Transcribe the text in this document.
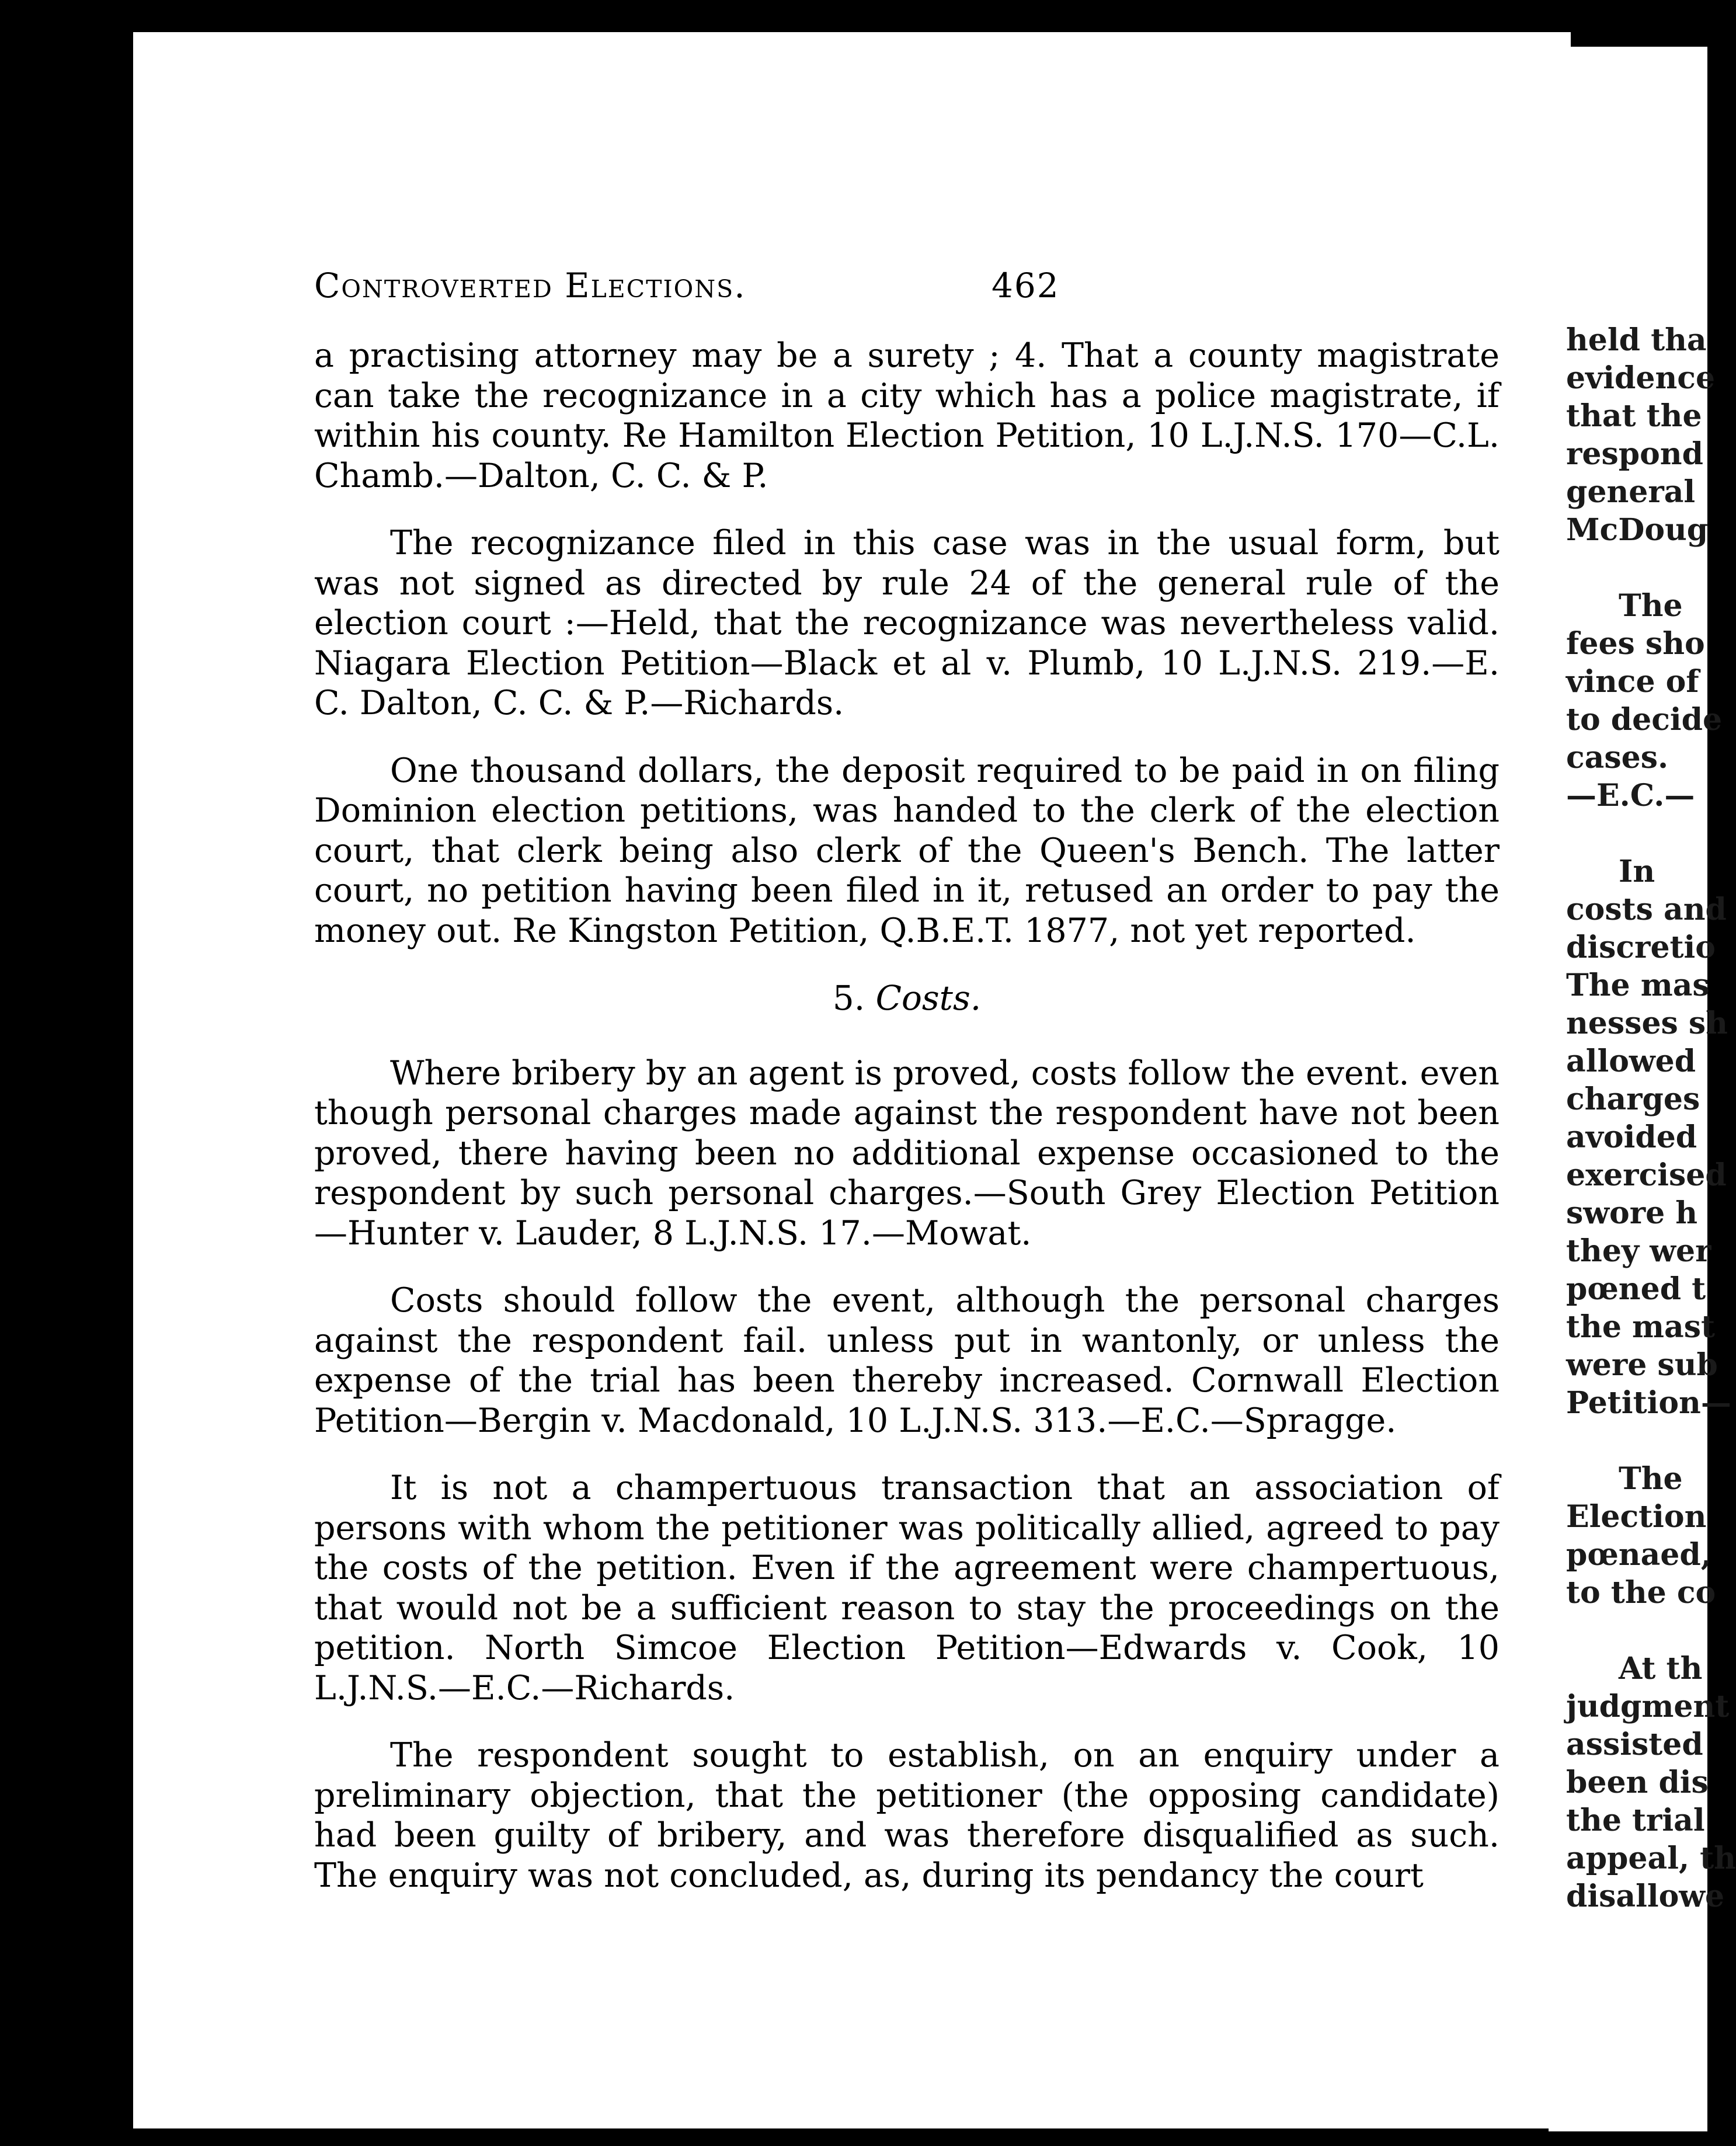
Controverted Elections.	462

a practising attorney may be a surety ; 4. That a county magistrate can take the recognizance in a city which has a police magistrate, if within his county. Re Hamilton Election Petition, 10 L.J.N.S. 170—C.L. Chamb.—Dalton, C. C. & P.

The recognizance filed in this case was in the usual form, but was not signed as directed by rule 24 of the general rule of the election court :—Held, that the recognizance was nevertheless valid. Niagara Election Petition—Black et al v. Plumb, 10 L.J.N.S. 219.—E. C. Dalton, C. C. & P.—Richards.

One thousand dollars, the deposit required to be paid in on filing Dominion election petitions, was handed to the clerk of the election court, that clerk being also clerk of the Queen's Bench. The latter court, no petition having been filed in it, retused an order to pay the money out. Re Kingston Petition, Q.B.E.T. 1877, not yet reported.

5. Costs.

Where bribery by an agent is proved, costs follow the event. even though personal charges made against the respondent have not been proved, there having been no additional expense occasioned to the respondent by such personal charges.—South Grey Election Petition—Hunter v. Lauder, 8 L.J.N.S. 17.—Mowat.

Costs should follow the event, although the personal charges against the respondent fail. unless put in wantonly, or unless the expense of the trial has been thereby increased. Cornwall Election Petition—Bergin v. Macdonald, 10 L.J.N.S. 313.—E.C.—Spragge.

It is not a champertuous transaction that an association of persons with whom the petitioner was politically allied, agreed to pay the costs of the petition. Even if the agreement were champertuous, that would not be a sufficient reason to stay the proceedings on the petition. North Simcoe Election Petition—Edwards v. Cook, 10 L.J.N.S.—E.C.—Richards.

The respondent sought to establish, on an enquiry under a preliminary objection, that the petitioner (the opposing candidate) had been guilty of bribery, and was therefore disqualified as such. The enquiry was not concluded, as, during its pendancy the court

held tha
evidence
that the
respond
general
McDoug
The
fees sho
vince of
to decide
cases.
—E.C.—
In
costs and
discretio
The mas
nesses sh
allowed
charges
avoided
exercised
swore h
they wer
pœned t
the mast
were sub
Petition—
The
Election
pœnaed,
to the co
At th
judgment
assisted
been dis
the trial
appeal, th
disallowe
